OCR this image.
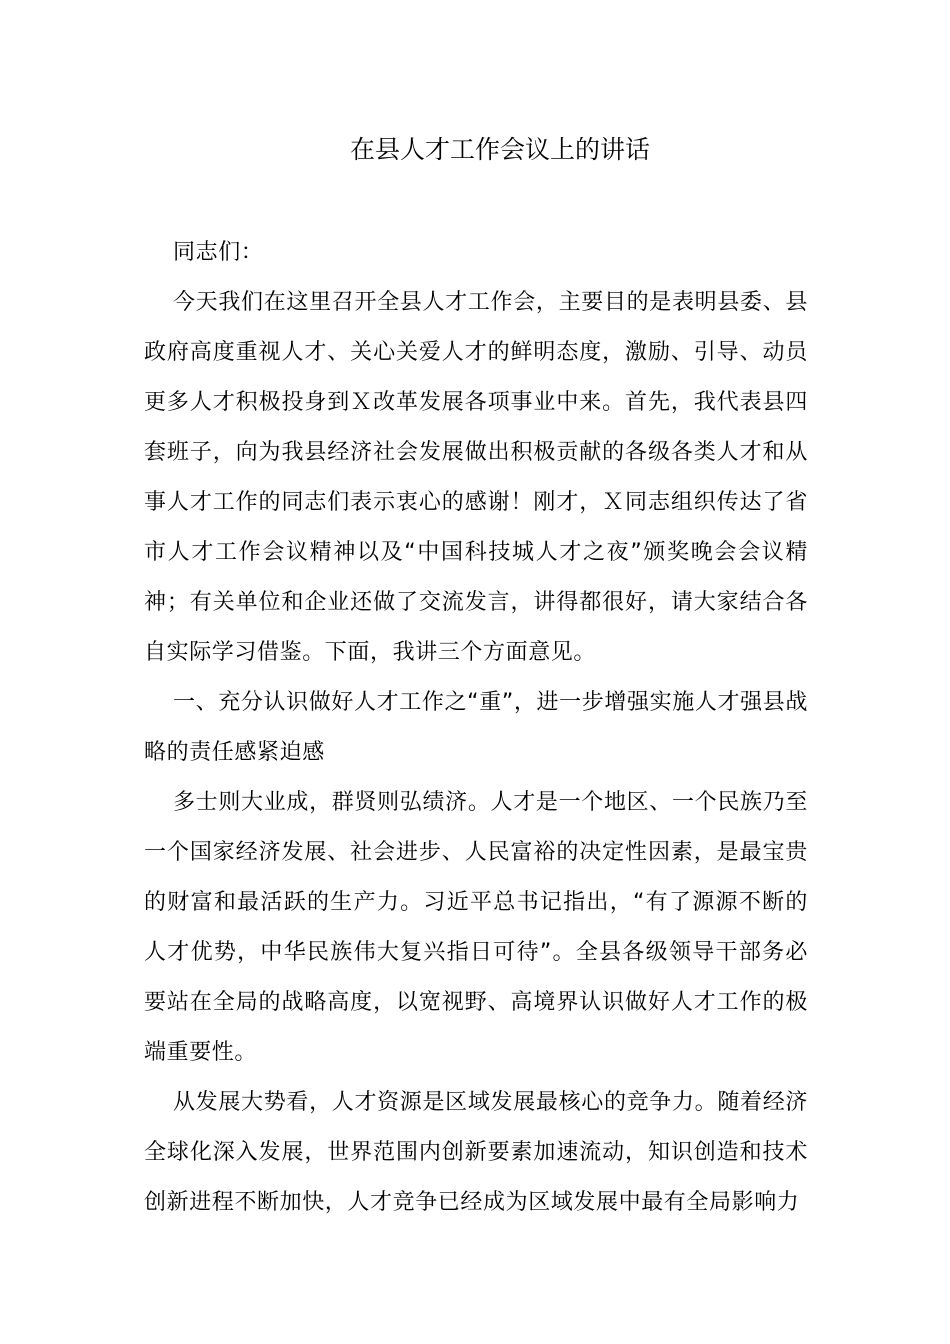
在县人才工作会议上的讲话

同志们：

今天我们在这里召开全县人才工作会，主要目的是表明县委、县政府高度重视人才、关心关爱人才的鲜明态度，激励、引导、动员更多人才积极投身到Ｘ改革发展各项事业中来。首先，我代表县四套班子，向为我县经济社会发展做出积极贡献的各级各类人才和从事人才工作的同志们表示衷心的感谢！刚才，Ｘ同志组织传达了省市人才工作会议精神以及“中国科技城人才之夜”颁奖晚会会议精神；有关单位和企业还做了交流发言，讲得都很好，请大家结合各自实际学习借鉴。下面，我讲三个方面意见。

一、充分认识做好人才工作之“重”，进一步增强实施人才强县战略的责任感紧迫感

多士则大业成，群贤则弘绩济。人才是一个地区、一个民族乃至一个国家经济发展、社会进步、人民富裕的决定性因素，是最宝贵的财富和最活跃的生产力。习近平总书记指出，“有了源源不断的人才优势，中华民族伟大复兴指日可待”。全县各级领导干部务必要站在全局的战略高度，以宽视野、高境界认识做好人才工作的极端重要性。

从发展大势看，人才资源是区域发展最核心的竞争力。随着经济全球化深入发展，世界范围内创新要素加速流动，知识创造和技术创新进程不断加快，人才竞争已经成为区域发展中最有全局影响力
